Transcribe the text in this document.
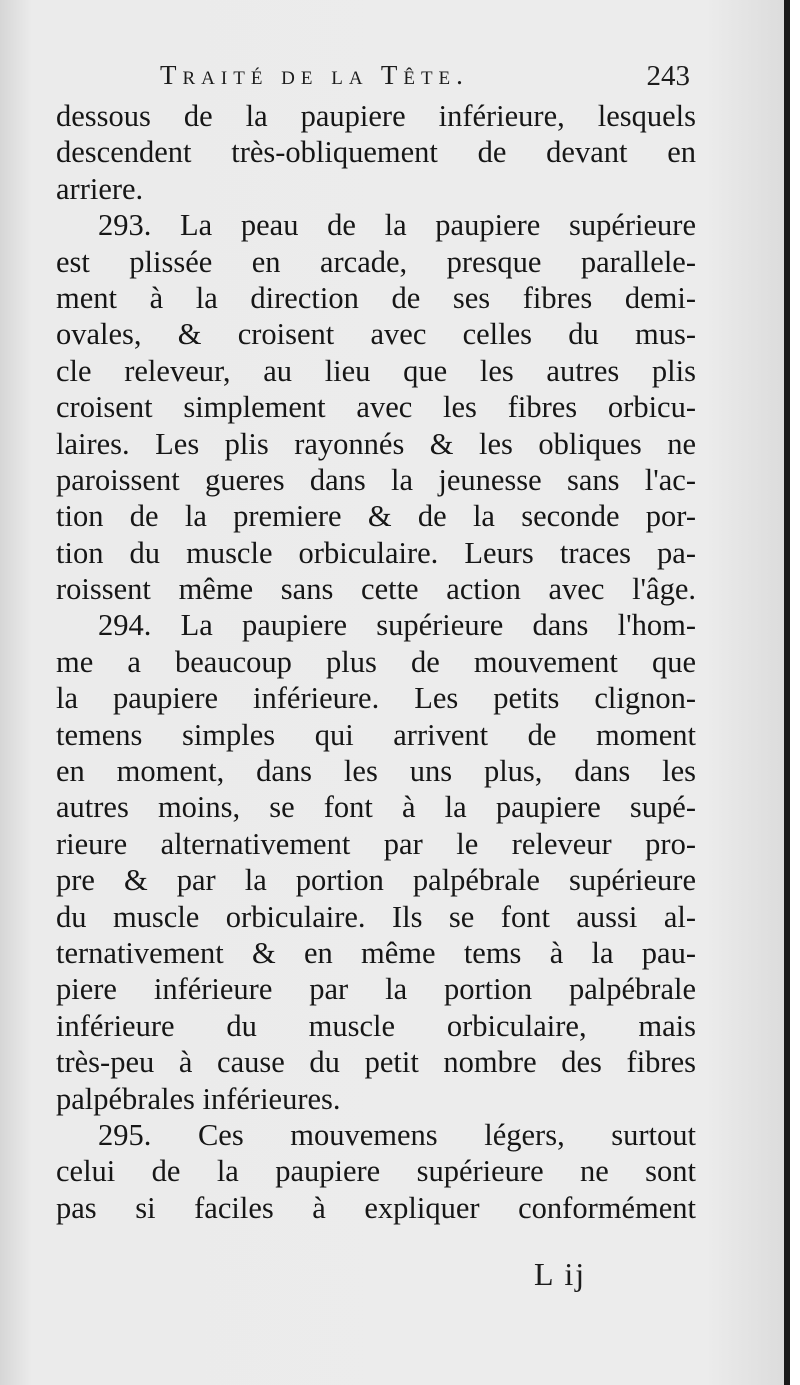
Traité de la Tête.	243
dessous de la paupiere inférieure, lesquels
descendent très-obliquement de devant en
arriere.
293. La peau de la paupiere supérieure
est plissée en arcade, presque parallele-
ment à la direction de ses fibres demi-
ovales, & croisent avec celles du mus-
cle releveur, au lieu que les autres plis
croisent simplement avec les fibres orbicu-
laires. Les plis rayonnés & les obliques ne
paroissent gueres dans la jeunesse sans l'ac-
tion de la premiere & de la seconde por-
tion du muscle orbiculaire. Leurs traces pa-
roissent même sans cette action avec l'âge.
294. La paupiere supérieure dans l'hom-
me a beaucoup plus de mouvement que
la paupiere inférieure. Les petits clignon-
temens simples qui arrivent de moment
en moment, dans les uns plus, dans les
autres moins, se font à la paupiere supé-
rieure alternativement par le releveur pro-
pre & par la portion palpébrale supérieure
du muscle orbiculaire. Ils se font aussi al-
ternativement & en même tems à la pau-
piere inférieure par la portion palpébrale
inférieure du muscle orbiculaire, mais
très-peu à cause du petit nombre des fibres
palpébrales inférieures.
295. Ces mouvemens légers, surtout
celui de la paupiere supérieure ne sont
pas si faciles à expliquer conformément
L ij
